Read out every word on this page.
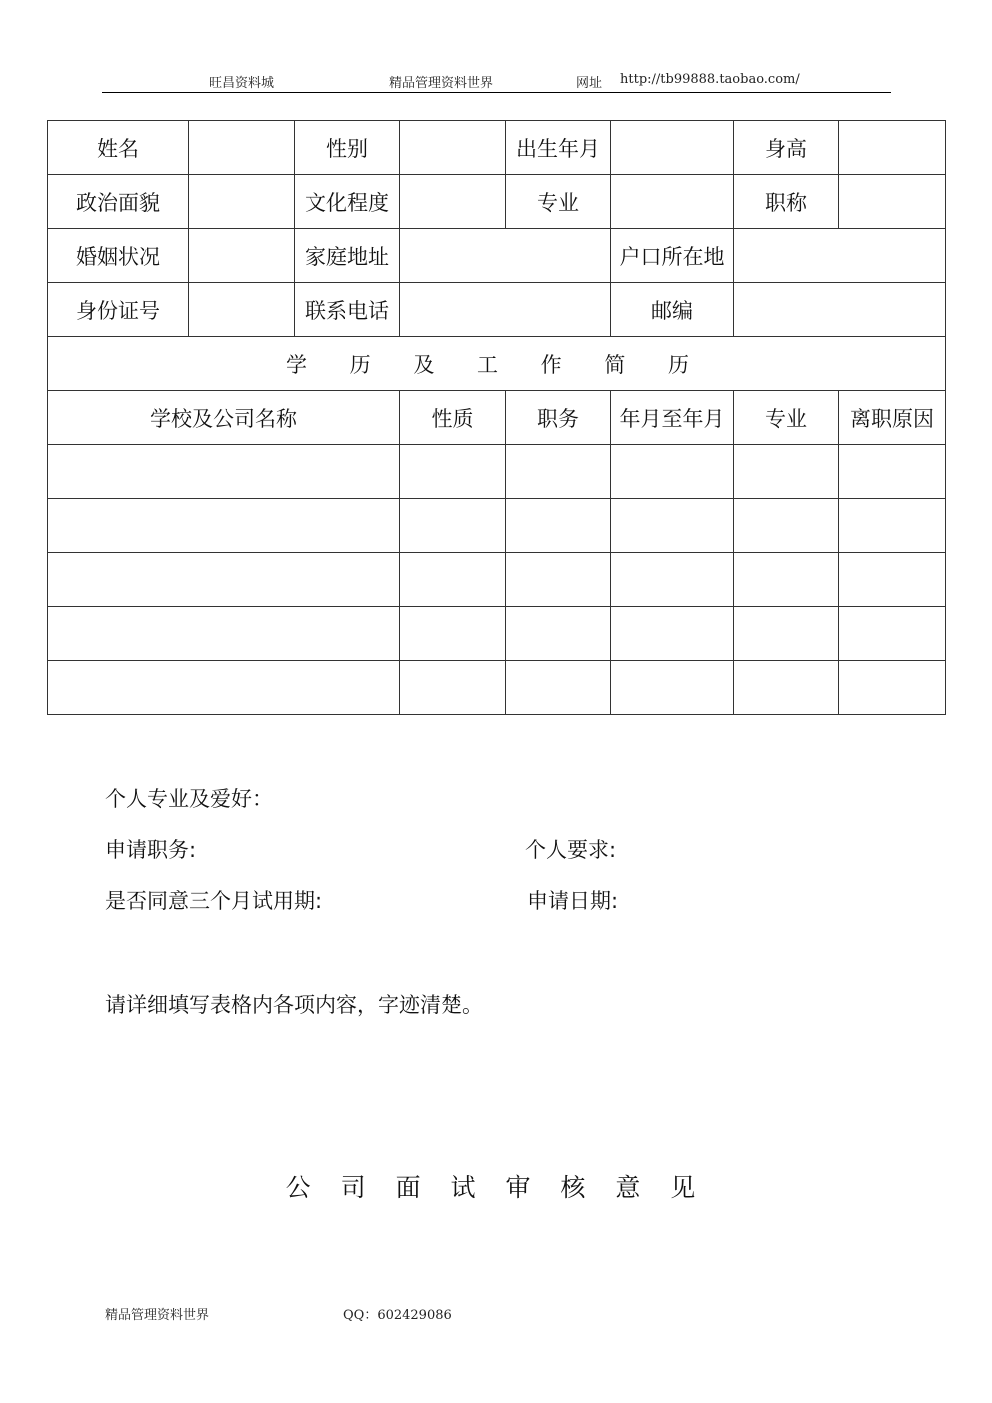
旺昌资料城	精品管理资料世界	网址 http://tb99888.taobao.com/
姓名		性别		出生年月		身高	
政治面貌		文化程度		专业		职称	
婚姻状况		家庭地址			户口所在地		
身份证号		联系电话			邮编		
学 历 及 工 作 简 历							
学校及公司名称			性质	职务	年月至年月	专业	离职原因

个人专业及爱好：
申请职务:	个人要求:
是否同意三个月试用期:	申请日期:
请详细填写表格内各项内容，字迹清楚。
公 司 面 试 审 核 意 见
精品管理资料世界	QQ：602429086
